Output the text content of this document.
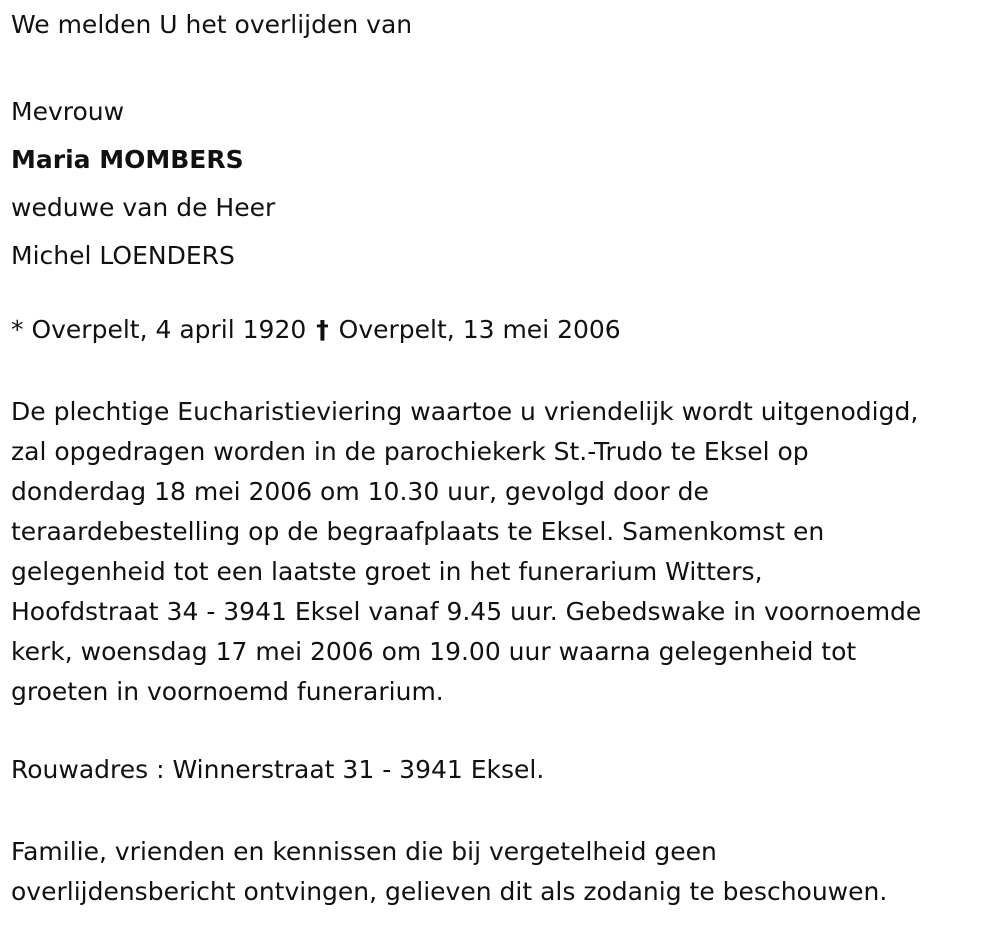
We melden U het overlijden van
Mevrouw
Maria MOMBERS
weduwe van de Heer
Michel LOENDERS
* Overpelt, 4 april 1920 † Overpelt, 13 mei 2006
De plechtige Eucharistieviering waartoe u vriendelijk wordt uitgenodigd,
zal opgedragen worden in de parochiekerk St.-Trudo te Eksel op
donderdag 18 mei 2006 om 10.30 uur, gevolgd door de
teraardebestelling op de begraafplaats te Eksel. Samenkomst en
gelegenheid tot een laatste groet in het funerarium Witters,
Hoofdstraat 34 - 3941 Eksel vanaf 9.45 uur. Gebedswake in voornoemde
kerk, woensdag 17 mei 2006 om 19.00 uur waarna gelegenheid tot
groeten in voornoemd funerarium.
Rouwadres : Winnerstraat 31 - 3941 Eksel.
Familie, vrienden en kennissen die bij vergetelheid geen
overlijdensbericht ontvingen, gelieven dit als zodanig te beschouwen.
